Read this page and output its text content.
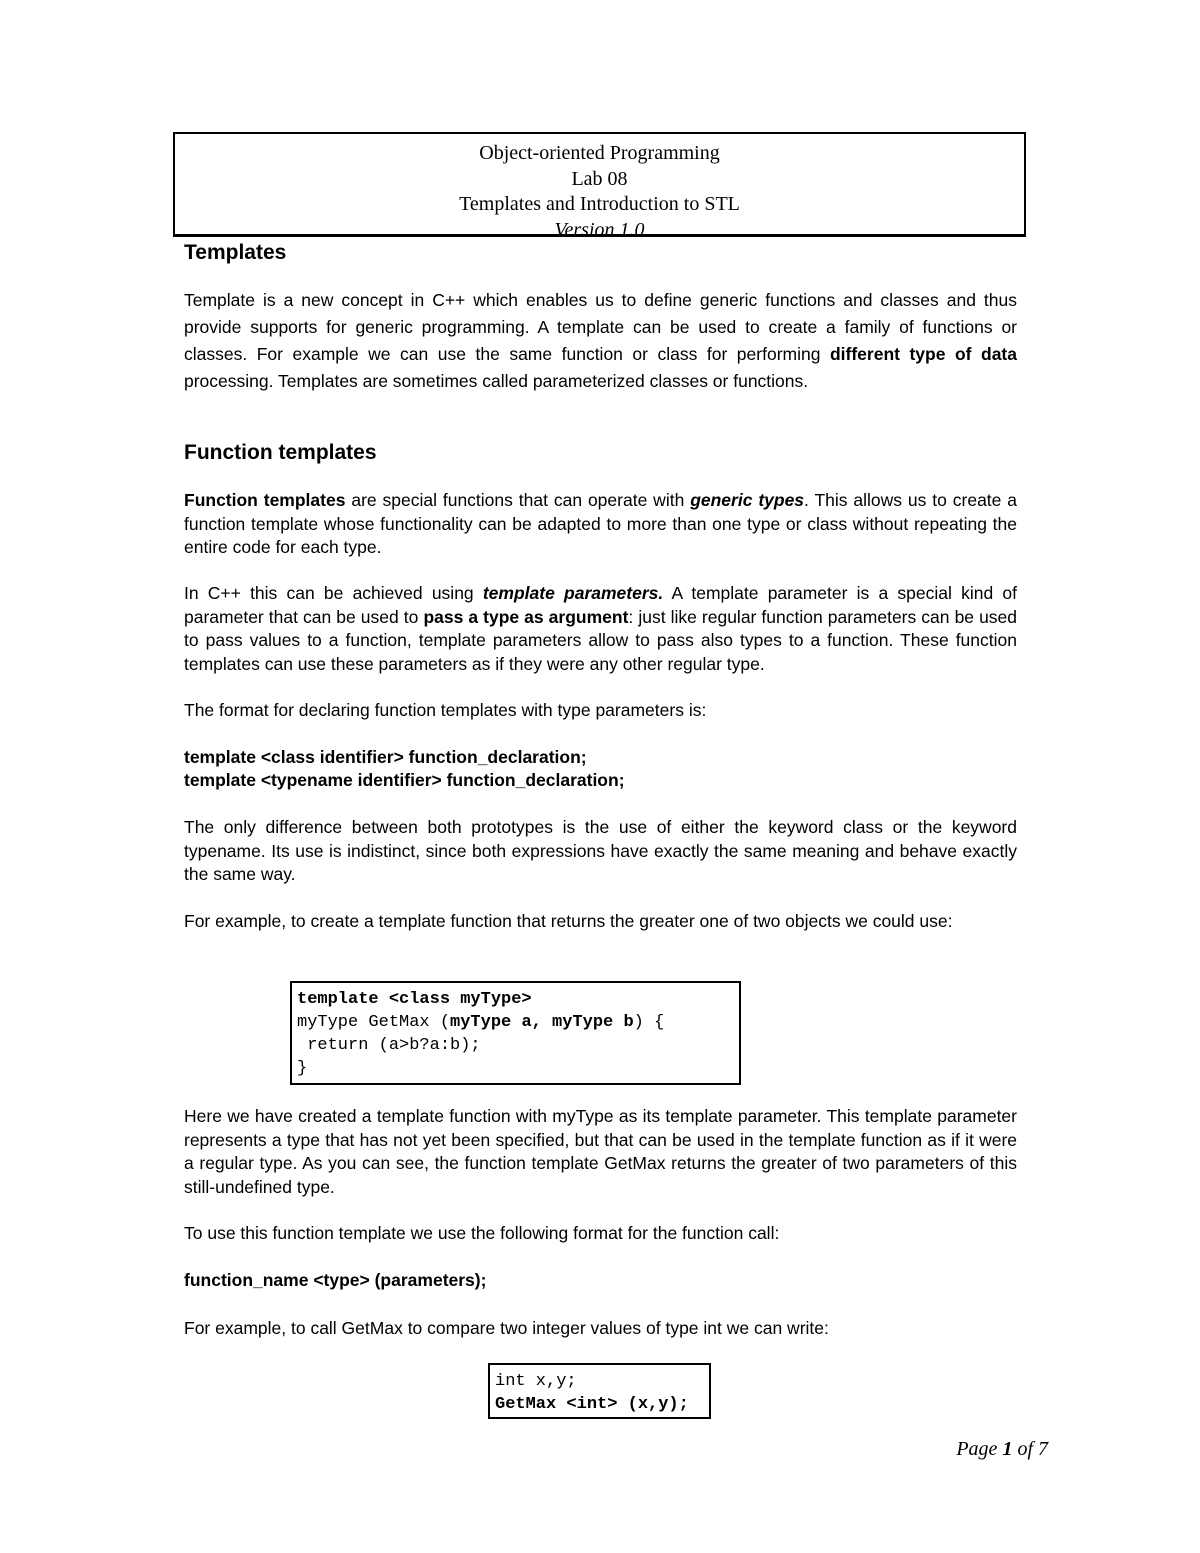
Object-oriented Programming
Lab 08
Templates and Introduction to STL
Version 1.0
Templates

Template is a new concept in C++ which enables us to define generic functions and classes and thus provide supports for generic programming. A template can be used to create a family of functions or classes. For example we can use the same function or class for performing different type of data processing. Templates are sometimes called parameterized classes or functions.

Function templates

Function templates are special functions that can operate with generic types. This allows us to create a function template whose functionality can be adapted to more than one type or class without repeating the entire code for each type.

In C++ this can be achieved using template parameters. A template parameter is a special kind of parameter that can be used to pass a type as argument: just like regular function parameters can be used to pass values to a function, template parameters allow to pass also types to a function. These function templates can use these parameters as if they were any other regular type.

The format for declaring function templates with type parameters is:

template <class identifier> function_declaration;
template <typename identifier> function_declaration;

The only difference between both prototypes is the use of either the keyword class or the keyword typename. Its use is indistinct, since both expressions have exactly the same meaning and behave exactly the same way.

For example, to create a template function that returns the greater one of two objects we could use:

template <class myType>
myType GetMax (myType a, myType b) {
return (a>b?a:b);
}

Here we have created a template function with myType as its template parameter. This template parameter represents a type that has not yet been specified, but that can be used in the template function as if it were a regular type. As you can see, the function template GetMax returns the greater of two parameters of this still-undefined type.

To use this function template we use the following format for the function call:

function_name <type> (parameters);

For example, to call GetMax to compare two integer values of type int we can write:

int x,y;
GetMax <int> (x,y);
Page 1 of 7
